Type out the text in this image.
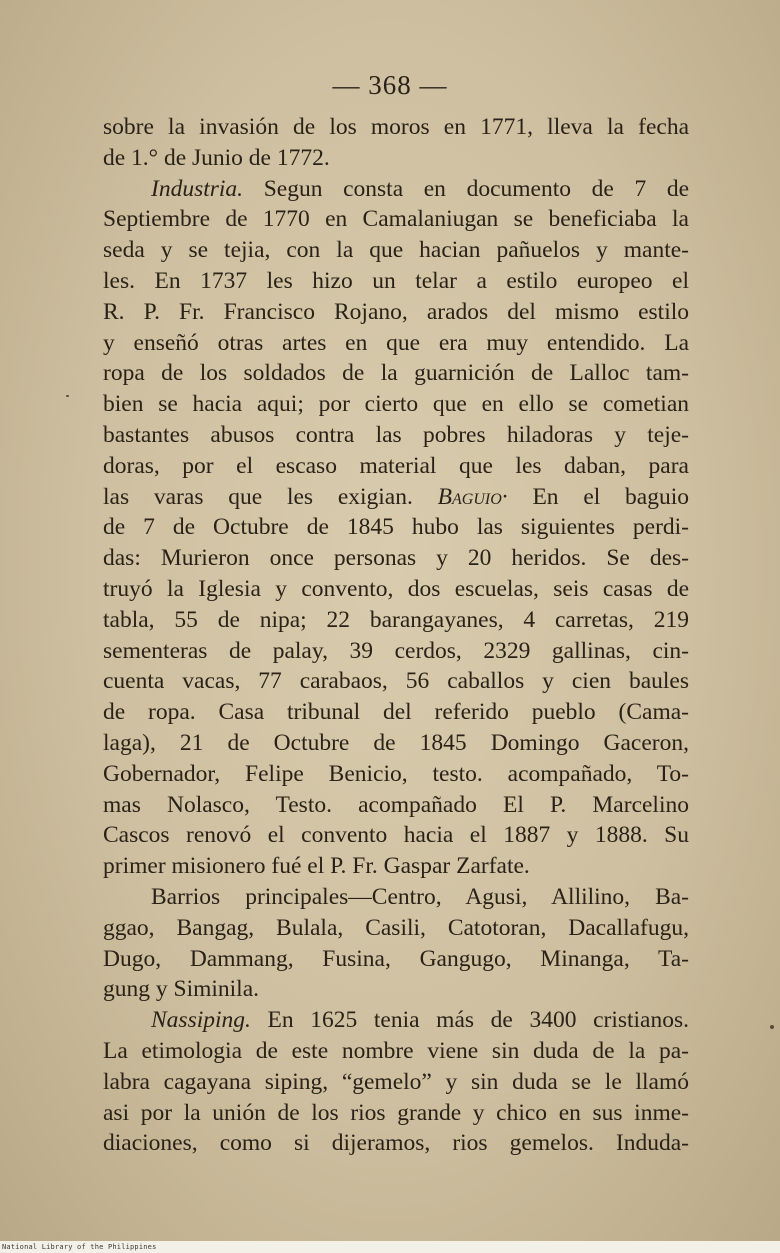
— 368 —

sobre la invasión de los moros en 1771, lleva la fecha
de 1.° de Junio de 1772.

Industria. Segun consta en documento de 7 de
Septiembre de 1770 en Camalaniugan se beneficiaba la
seda y se tejia, con la que hacian pañuelos y mante-
les. En 1737 les hizo un telar a estilo europeo el
R. P. Fr. Francisco Rojano, arados del mismo estilo
y enseñó otras artes en que era muy entendido. La
ropa de los soldados de la guarnición de Lalloc tam-
bien se hacia aqui; por cierto que en ello se cometian
bastantes abusos contra las pobres hiladoras y teje-
doras, por el escaso material que les daban, para
las varas que les exigian. Baguio· En el baguio
de 7 de Octubre de 1845 hubo las siguientes perdi-
das: Murieron once personas y 20 heridos. Se des-
truyó la Iglesia y convento, dos escuelas, seis casas de
tabla, 55 de nipa; 22 barangayanes, 4 carretas, 219
sementeras de palay, 39 cerdos, 2329 gallinas, cin-
cuenta vacas, 77 carabaos, 56 caballos y cien baules
de ropa. Casa tribunal del referido pueblo (Cama-
laga), 21 de Octubre de 1845 Domingo Gaceron,
Gobernador, Felipe Benicio, testo. acompañado, To-
mas Nolasco, Testo. acompañado El P. Marcelino
Cascos renovó el convento hacia el 1887 y 1888. Su
primer misionero fué el P. Fr. Gaspar Zarfate.

Barrios principales—Centro, Agusi, Allilino, Ba-
ggao, Bangag, Bulala, Casili, Catotoran, Dacallafugu,
Dugo, Dammang, Fusina, Gangugo, Minanga, Ta-
gung y Siminila.

Nassiping. En 1625 tenia más de 3400 cristianos.
La etimologia de este nombre viene sin duda de la pa-
labra cagayana siping, “gemelo” y sin duda se le llamó
asi por la unión de los rios grande y chico en sus inme-
diaciones, como si dijeramos, rios gemelos. Induda-

National Library of the Philippines
